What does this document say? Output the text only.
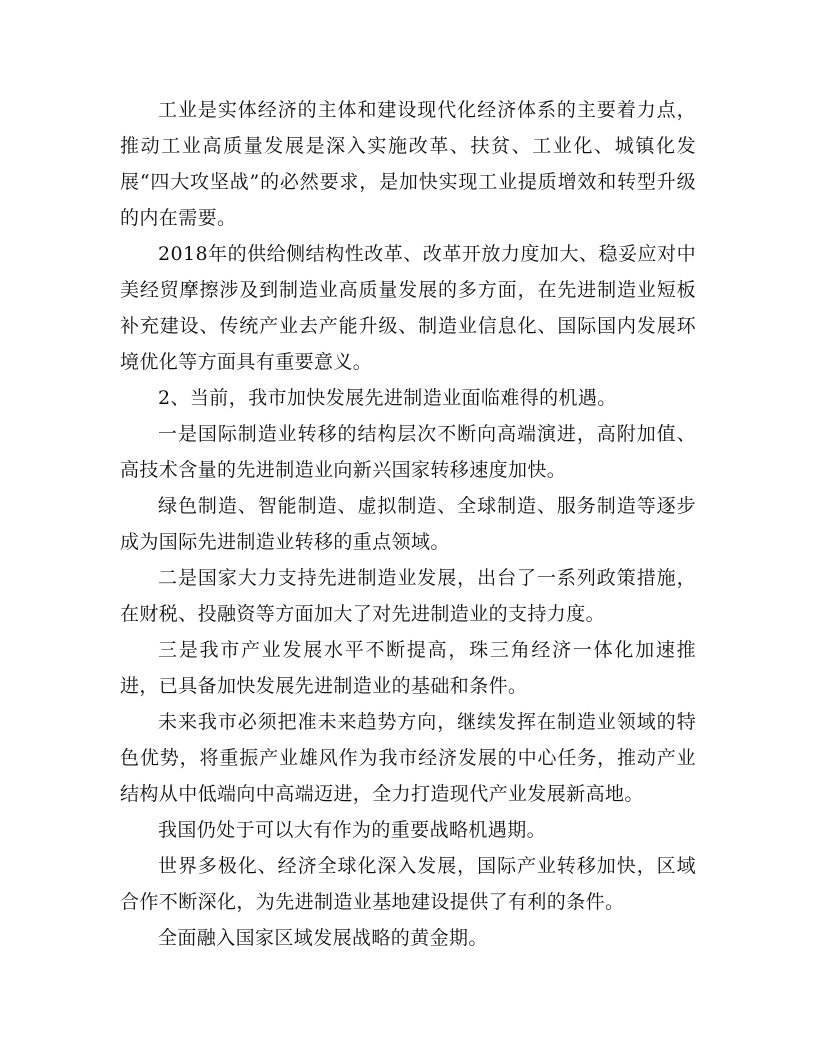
工业是实体经济的主体和建设现代化经济体系的主要着力点，推动工业高质量发展是深入实施改革、扶贫、工业化、城镇化发展“四大攻坚战”的必然要求，是加快实现工业提质增效和转型升级的内在需要。

2018年的供给侧结构性改革、改革开放力度加大、稳妥应对中美经贸摩擦涉及到制造业高质量发展的多方面，在先进制造业短板补充建设、传统产业去产能升级、制造业信息化、国际国内发展环境优化等方面具有重要意义。

2、当前，我市加快发展先进制造业面临难得的机遇。

一是国际制造业转移的结构层次不断向高端演进，高附加值、高技术含量的先进制造业向新兴国家转移速度加快。

绿色制造、智能制造、虚拟制造、全球制造、服务制造等逐步成为国际先进制造业转移的重点领域。

二是国家大力支持先进制造业发展，出台了一系列政策措施，在财税、投融资等方面加大了对先进制造业的支持力度。

三是我市产业发展水平不断提高，珠三角经济一体化加速推进，已具备加快发展先进制造业的基础和条件。

未来我市必须把准未来趋势方向，继续发挥在制造业领域的特色优势，将重振产业雄风作为我市经济发展的中心任务，推动产业结构从中低端向中高端迈进，全力打造现代产业发展新高地。

我国仍处于可以大有作为的重要战略机遇期。

世界多极化、经济全球化深入发展，国际产业转移加快，区域合作不断深化，为先进制造业基地建设提供了有利的条件。

全面融入国家区域发展战略的黄金期。
